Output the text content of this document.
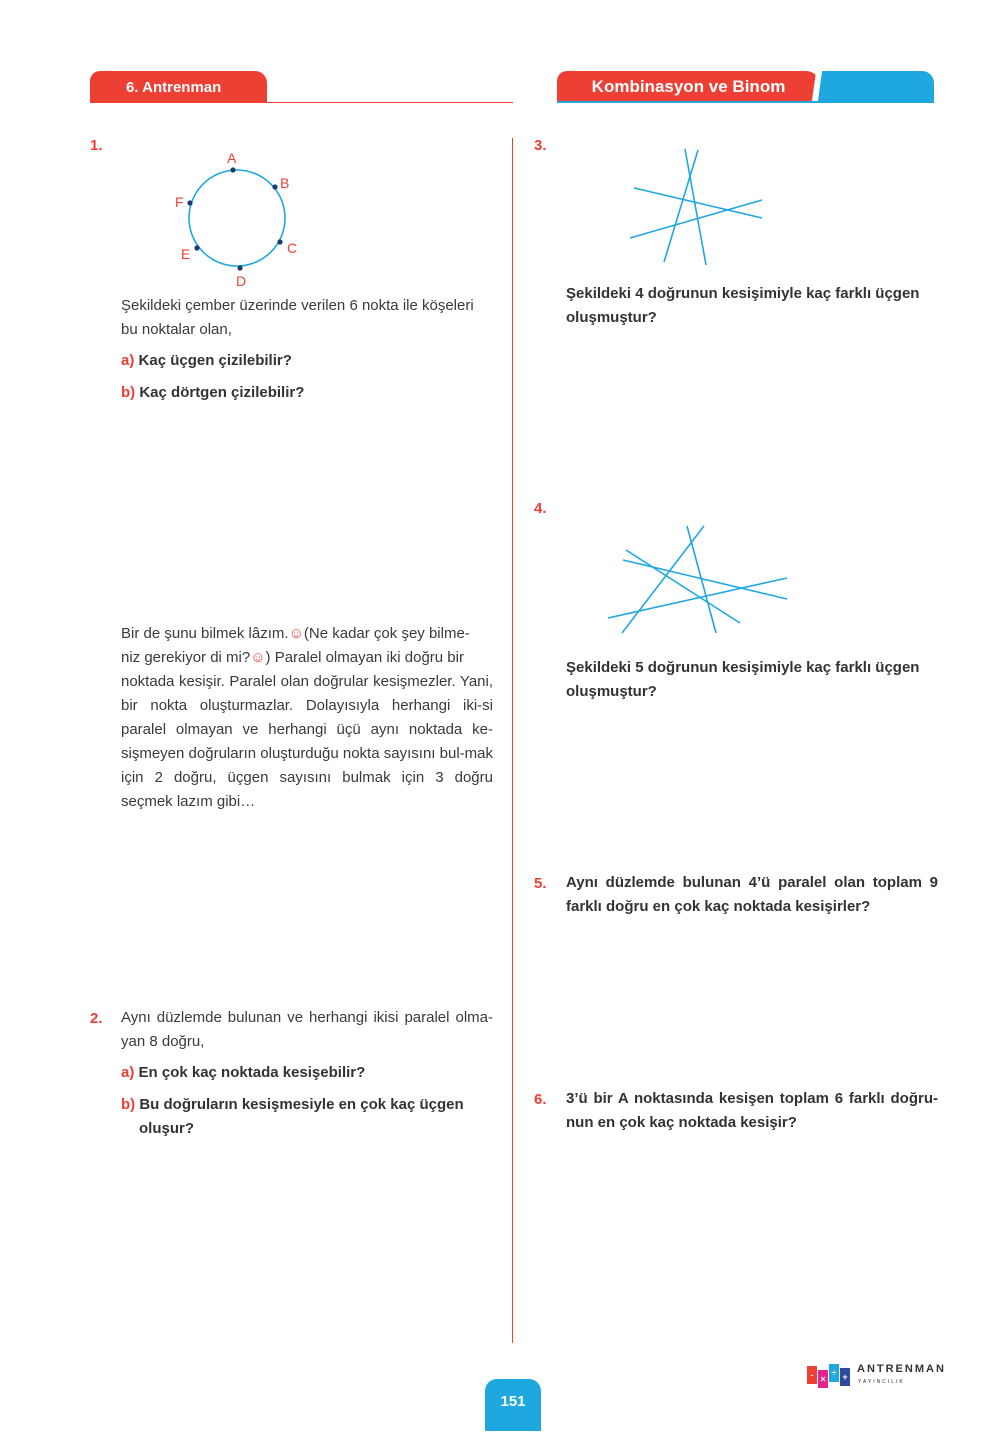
6. Antrenman	Kombinasyon ve Binom
1.
A
B
C
D
E
F
Şekildeki çember üzerinde verilen 6 nokta ile köşeleri bu noktalar olan,
a) Kaç üçgen çizilebilir?
b) Kaç dörtgen çizilebilir?
Bir de şunu bilmek lâzım.☺(Ne kadar çok şey bilme-
niz gerekiyor di mi?☺) Paralel olmayan iki doğru bir
noktada kesişir. Paralel olan doğrular kesişmezler. Yani, bir nokta oluşturmazlar. Dolayısıyla herhangi iki-si paralel olmayan ve herhangi üçü aynı noktada ke-sişmeyen doğruların oluşturduğu nokta sayısını bul-mak için 2 doğru, üçgen sayısını bulmak için 3 doğru seçmek lazım gibi…
2. Aynı düzlemde bulunan ve herhangi ikisi paralel olma-yan 8 doğru,
a) En çok kaç noktada kesişebilir?
b) Bu doğruların kesişmesiyle en çok kaç üçgen oluşur?
3.
Şekildeki 4 doğrunun kesişimiyle kaç farklı üçgen oluşmuştur?
4.
Şekildeki 5 doğrunun kesişimiyle kaç farklı üçgen oluşmuştur?
5. Aynı düzlemde bulunan 4’ü paralel olan toplam 9 farklı doğru en çok kaç noktada kesişirler?
6. 3’ü bir A noktasında kesişen toplam 6 farklı doğru-nun en çok kaç noktada kesişir?
151
- ×
÷ +
ANTRENMAN
YAYINCILIK
